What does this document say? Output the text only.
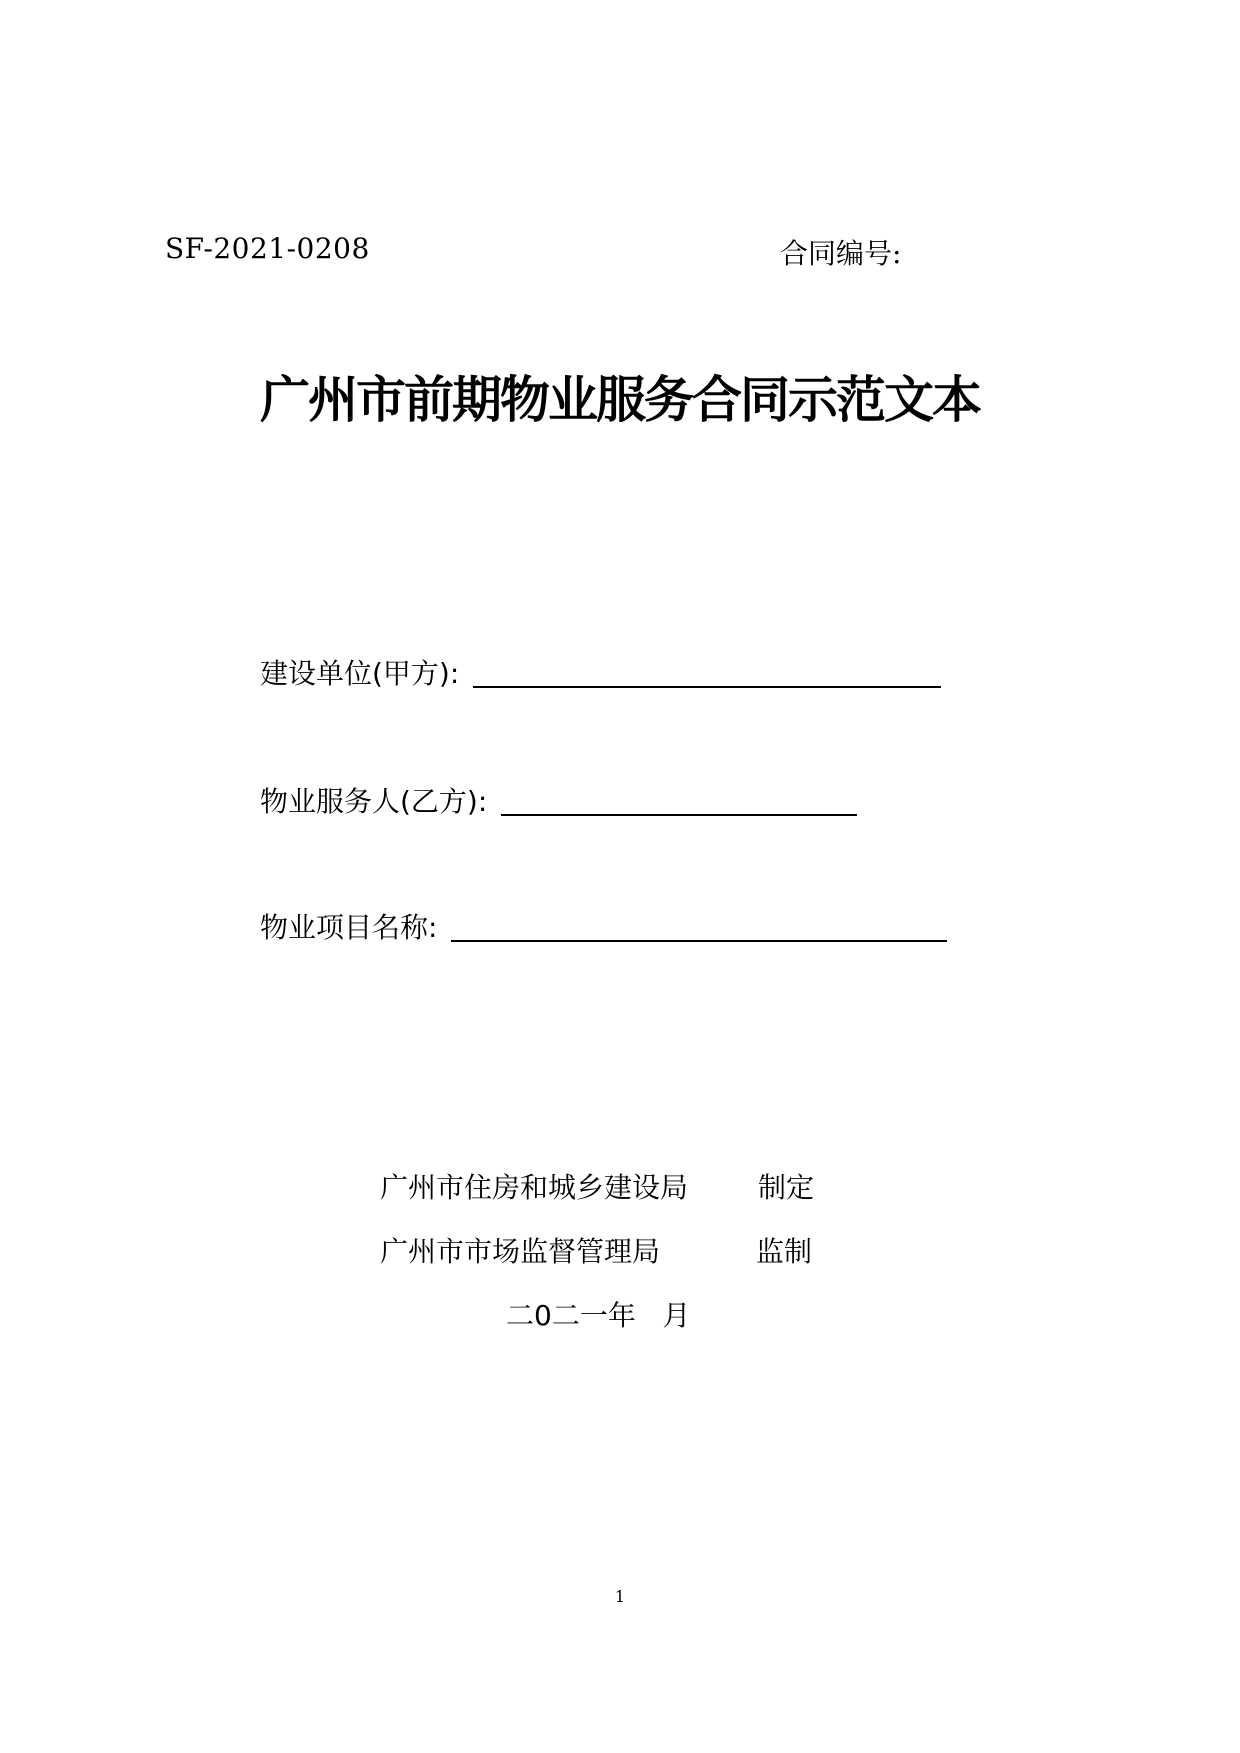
SF-2021-0208	合同编号:
广州市前期物业服务合同示范文本
建设单位(甲方):
物业服务人(乙方):
物业项目名称:
广州市住房和城乡建设局 制定
广州市市场监督管理局	监制
二0二一年   月
1
